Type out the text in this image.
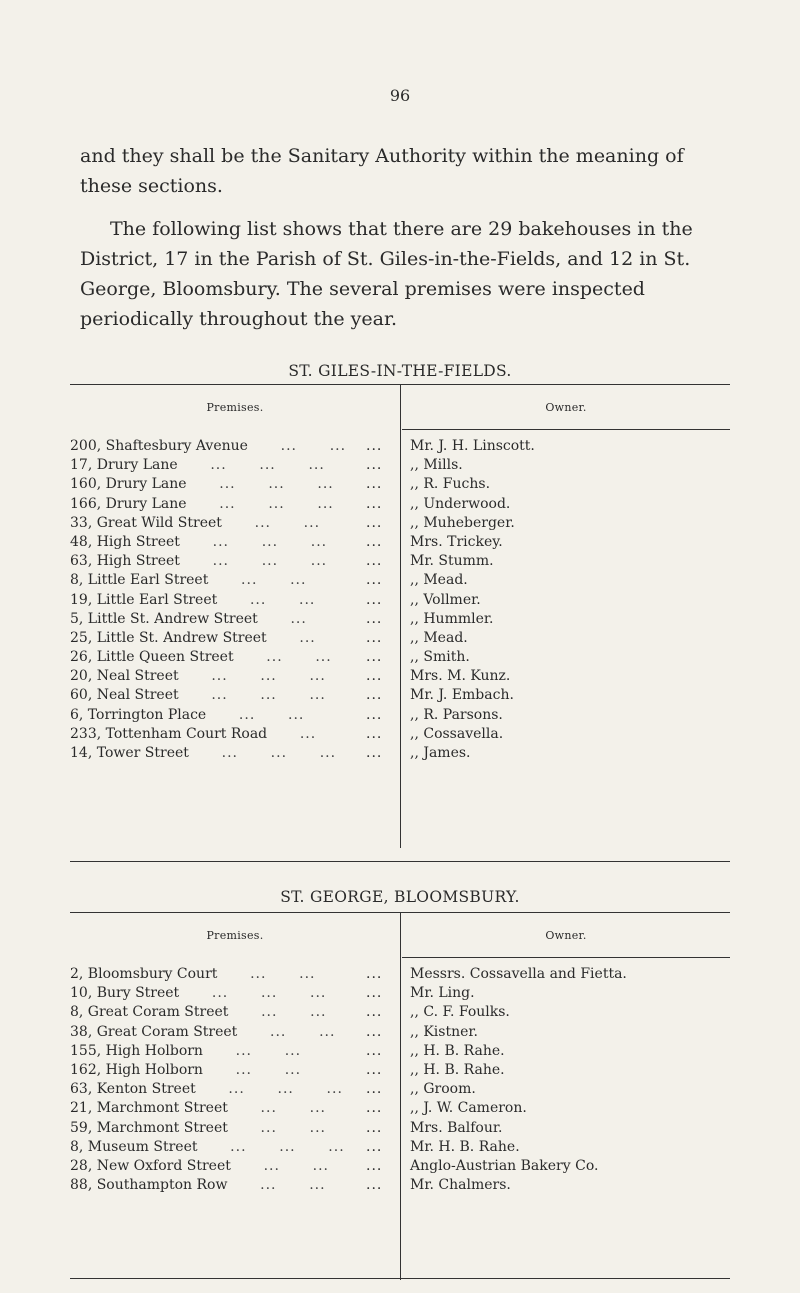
96

and they shall be the Sanitary Authority within the meaning of these sections.

The following list shows that there are 29 bakehouses in the District, 17 in the Parish of St. Giles-in-the-Fields, and 12 in St. George, Bloomsbury. The several premises were inspected periodically throughout the year.

ST. GILES-IN-THE-FIELDS.
Premises.	Owner.
200, Shaftesbury Avenue      ...      ...	...	Mr. J. H. Linscott.
17, Drury Lane      ...      ...      ...	...	,, Mills.
160, Drury Lane      ...      ...      ...	...	,, R. Fuchs.
166, Drury Lane      ...      ...      ...	...	,, Underwood.
33, Great Wild Street      ...      ...	...	,, Muheberger.
48, High Street      ...      ...      ...	...	Mrs. Trickey.
63, High Street      ...      ...      ...	...	Mr. Stumm.
8, Little Earl Street      ...      ...	...	,, Mead.
19, Little Earl Street      ...      ...	...	,, Vollmer.
5, Little St. Andrew Street      ...	...	,, Hummler.
25, Little St. Andrew Street      ...	...	,, Mead.
26, Little Queen Street      ...      ...	...	,, Smith.
20, Neal Street      ...      ...      ...	...	Mrs. M. Kunz.
60, Neal Street      ...      ...      ...	...	Mr. J. Embach.
6, Torrington Place      ...      ...	...	,, R. Parsons.
233, Tottenham Court Road      ...	...	,, Cossavella.
14, Tower Street      ...      ...      ...	...	,, James.
ST. GEORGE, BLOOMSBURY.
Premises.	Owner.
2, Bloomsbury Court      ...      ...	...	Messrs. Cossavella and Fietta.
10, Bury Street      ...      ...      ...	...	Mr. Ling.
8, Great Coram Street      ...      ...	...	,, C. F. Foulks.
38, Great Coram Street      ...      ...	...	,, Kistner.
155, High Holborn      ...      ...	...	,, H. B. Rahe.
162, High Holborn      ...      ...	...	,, H. B. Rahe.
63, Kenton Street      ...      ...      ...	...	,, Groom.
21, Marchmont Street      ...      ...	...	,, J. W. Cameron.
59, Marchmont Street      ...      ...	...	Mrs. Balfour.
8, Museum Street      ...      ...      ...	...	Mr. H. B. Rahe.
28, New Oxford Street      ...      ...	...	Anglo-Austrian Bakery Co.
88, Southampton Row      ...      ...	...	Mr. Chalmers.
